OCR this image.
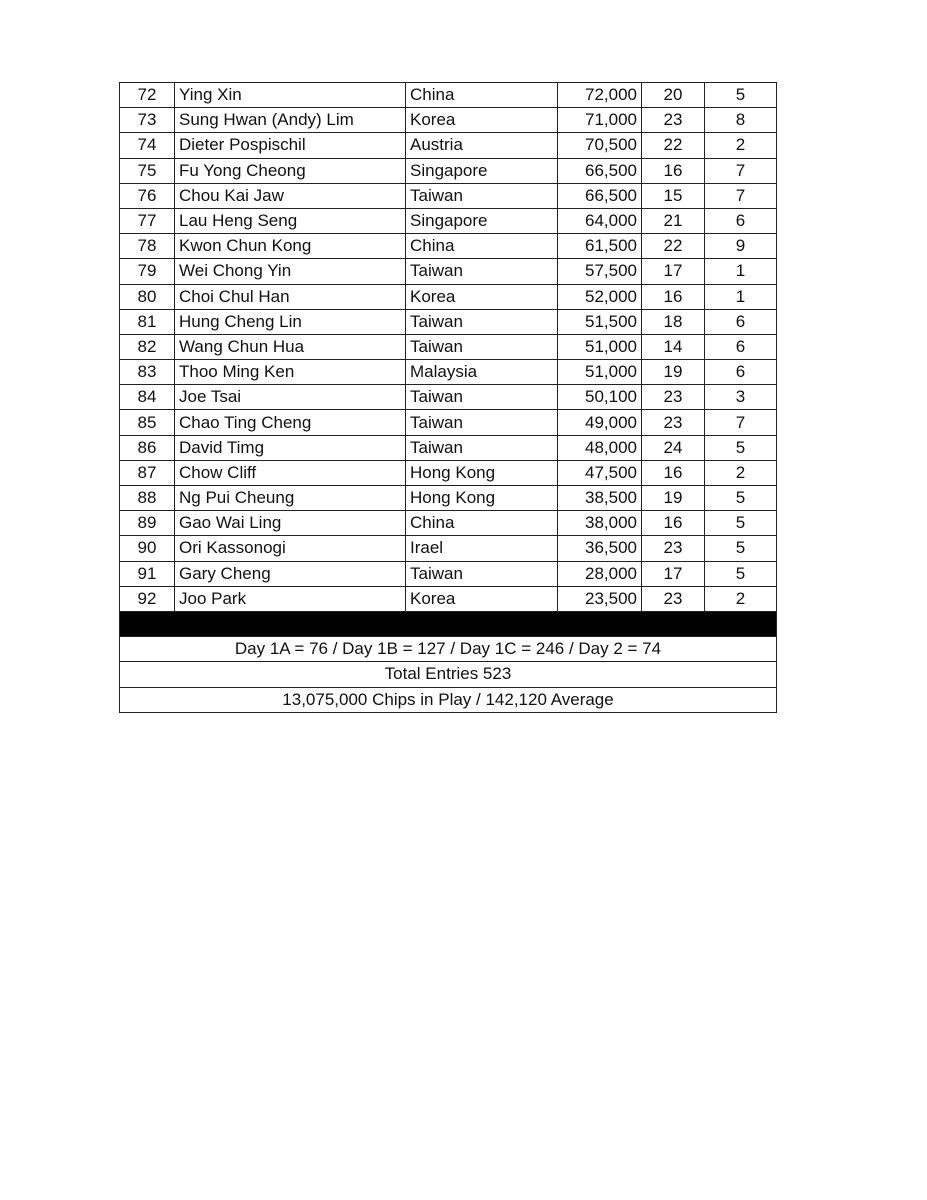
72	Ying Xin	China	72,000	20	5
73	Sung Hwan (Andy) Lim	Korea	71,000	23	8
74	Dieter Pospischil	Austria	70,500	22	2
75	Fu Yong Cheong	Singapore	66,500	16	7
76	Chou Kai Jaw	Taiwan	66,500	15	7
77	Lau Heng Seng	Singapore	64,000	21	6
78	Kwon Chun Kong	China	61,500	22	9
79	Wei Chong Yin	Taiwan	57,500	17	1
80	Choi Chul Han	Korea	52,000	16	1
81	Hung Cheng Lin	Taiwan	51,500	18	6
82	Wang Chun Hua	Taiwan	51,000	14	6
83	Thoo Ming Ken	Malaysia	51,000	19	6
84	Joe Tsai	Taiwan	50,100	23	3
85	Chao Ting Cheng	Taiwan	49,000	23	7
86	David Timg	Taiwan	48,000	24	5
87	Chow Cliff	Hong Kong	47,500	16	2
88	Ng Pui Cheung	Hong Kong	38,500	19	5
89	Gao Wai Ling	China	38,000	16	5
90	Ori Kassonogi	Irael	36,500	23	5
91	Gary Cheng	Taiwan	28,000	17	5
92	Joo Park	Korea	23,500	23	2

Day 1A = 76 / Day 1B = 127 / Day 1C = 246 / Day 2 = 74					
Total Entries 523					
13,075,000 Chips in Play / 142,120 Average					
